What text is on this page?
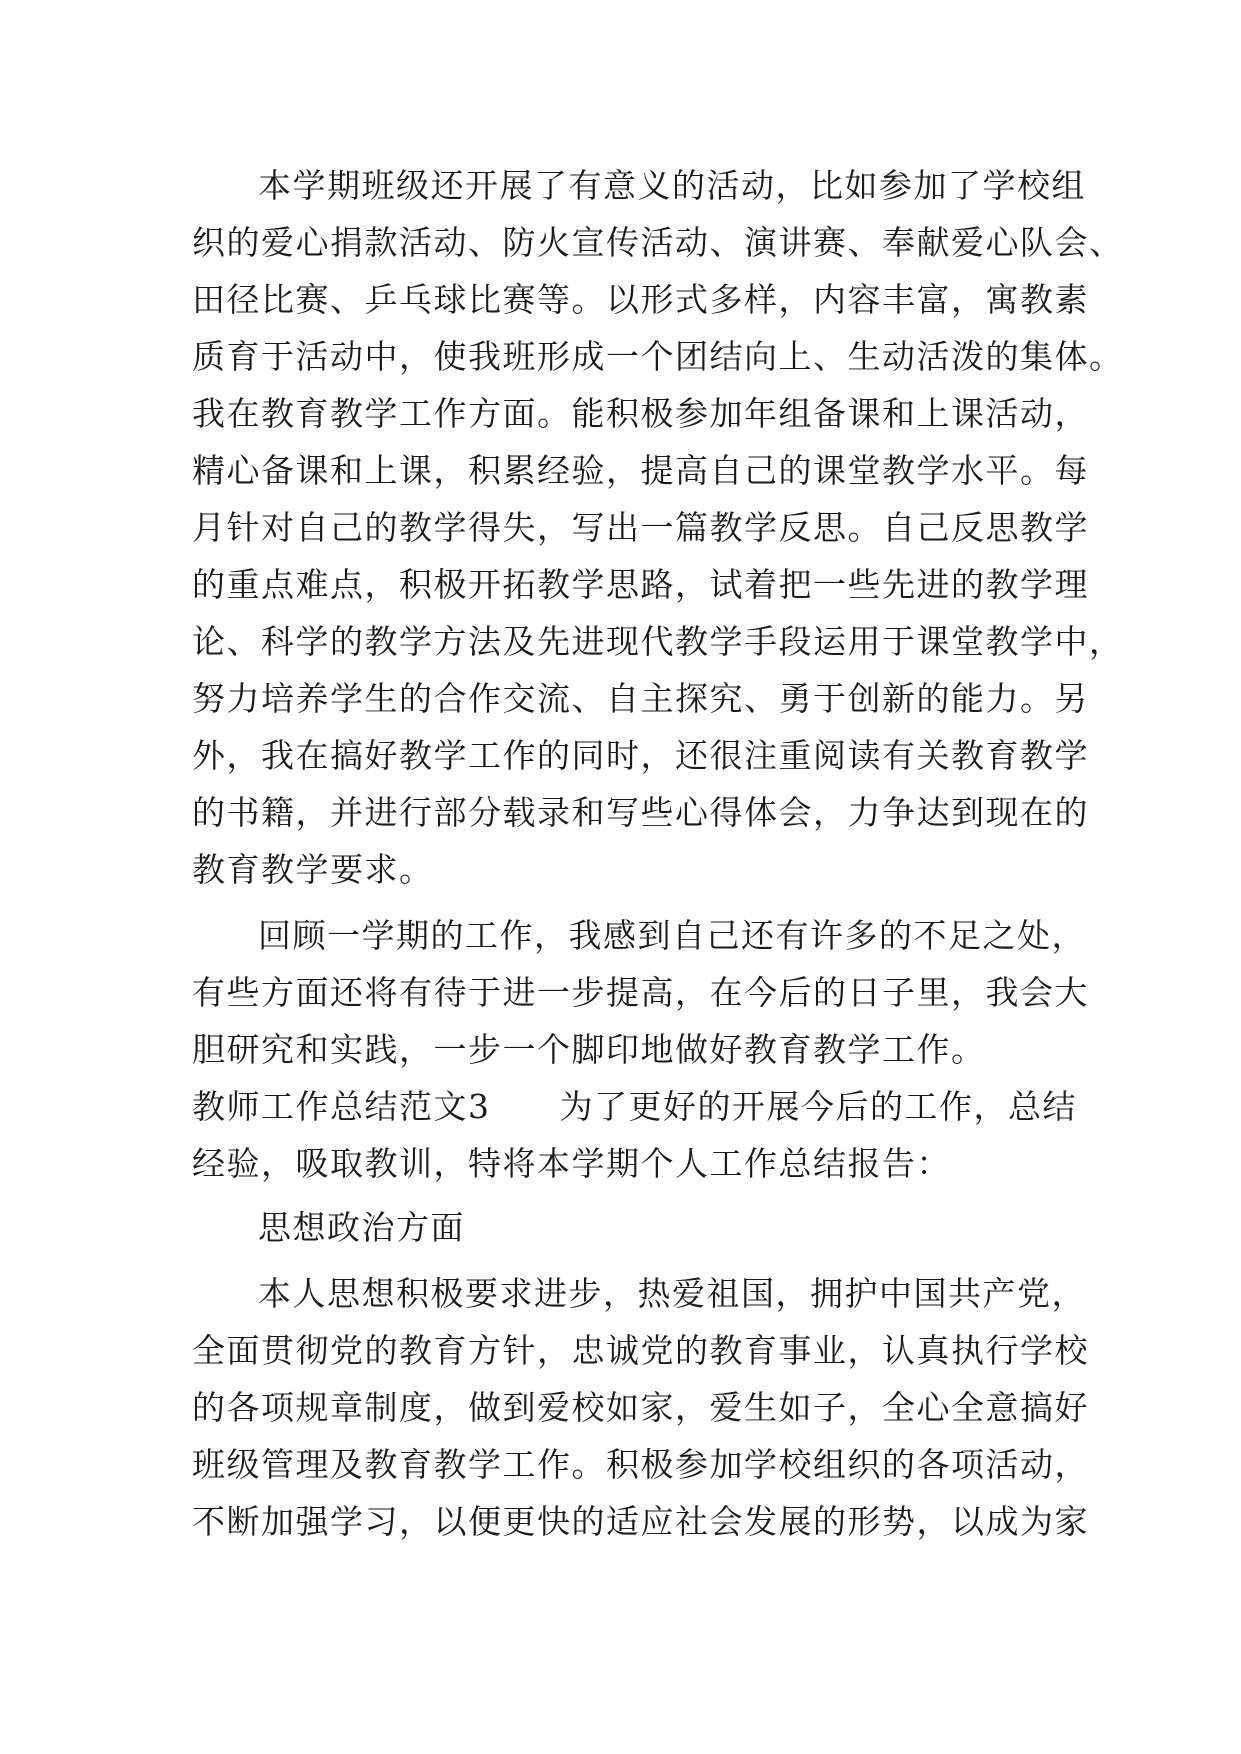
本学期班级还开展了有意义的活动，比如参加了学校组
织的爱心捐款活动、防火宣传活动、演讲赛、奉献爱心队会、
田径比赛、乒乓球比赛等。以形式多样，内容丰富，寓教素
质育于活动中，使我班形成一个团结向上、生动活泼的集体。
我在教育教学工作方面。能积极参加年组备课和上课活动，
精心备课和上课，积累经验，提高自己的课堂教学水平。每
月针对自己的教学得失，写出一篇教学反思。自己反思教学
的重点难点，积极开拓教学思路，试着把一些先进的教学理
论、科学的教学方法及先进现代教学手段运用于课堂教学中，
努力培养学生的合作交流、自主探究、勇于创新的能力。另
外，我在搞好教学工作的同时，还很注重阅读有关教育教学
的书籍，并进行部分载录和写些心得体会，力争达到现在的
教育教学要求。
回顾一学期的工作，我感到自己还有许多的不足之处，
有些方面还将有待于进一步提高，在今后的日子里，我会大
胆研究和实践，一步一个脚印地做好教育教学工作。
教师工作总结范文3　　为了更好的开展今后的工作，总结
经验，吸取教训，特将本学期个人工作总结报告：
思想政治方面
本人思想积极要求进步，热爱祖国，拥护中国共产党，
全面贯彻党的教育方针，忠诚党的教育事业，认真执行学校
的各项规章制度，做到爱校如家，爱生如子，全心全意搞好
班级管理及教育教学工作。积极参加学校组织的各项活动，
不断加强学习，以便更快的适应社会发展的形势，以成为家
